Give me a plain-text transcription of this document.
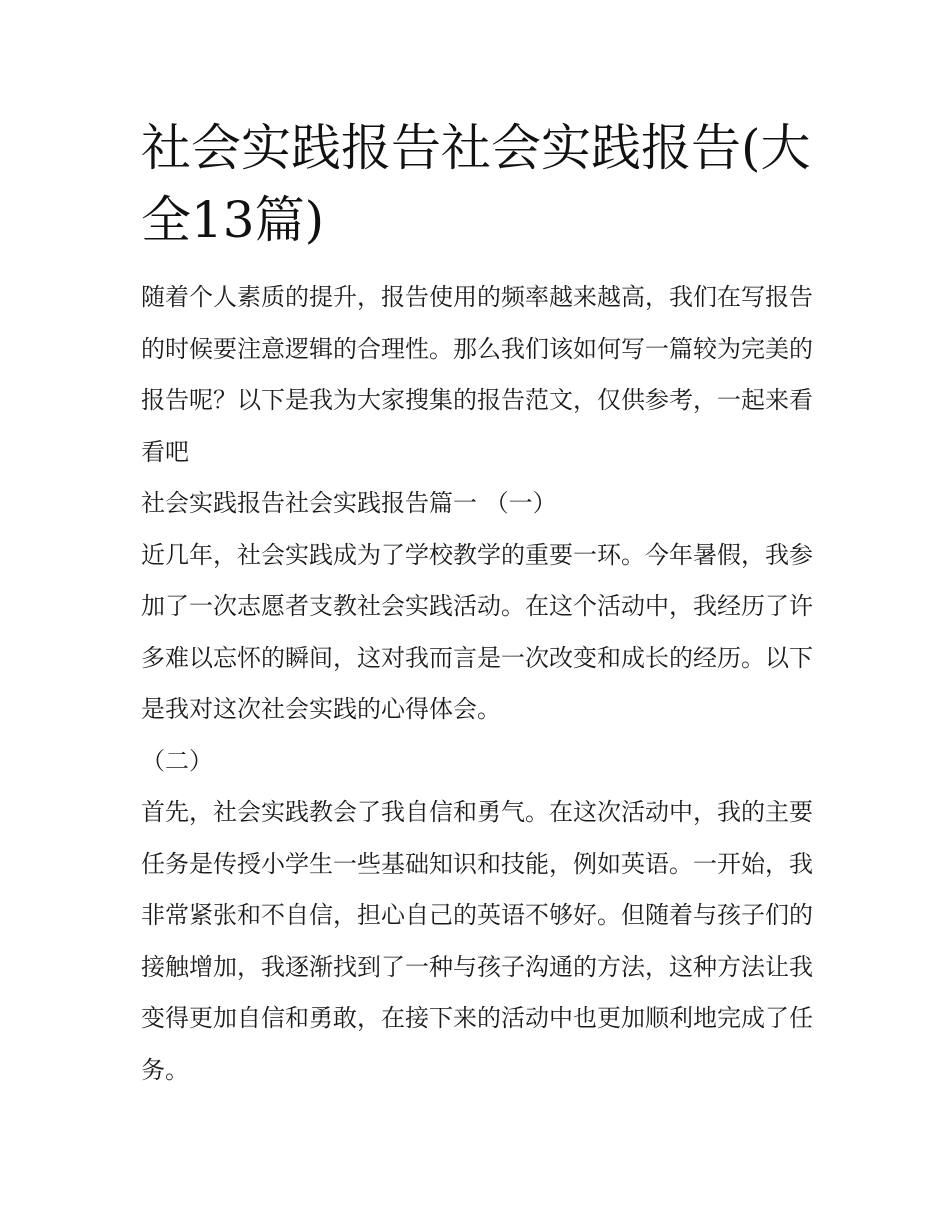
社会实践报告社会实践报告(大全13篇)

随着个人素质的提升，报告使用的频率越来越高，我们在写报告的时候要注意逻辑的合理性。那么我们该如何写一篇较为完美的报告呢？以下是我为大家搜集的报告范文，仅供参考，一起来看看吧

社会实践报告社会实践报告篇一 （一）

近几年，社会实践成为了学校教学的重要一环。今年暑假，我参加了一次志愿者支教社会实践活动。在这个活动中，我经历了许多难以忘怀的瞬间，这对我而言是一次改变和成长的经历。以下是我对这次社会实践的心得体会。

（二）

首先，社会实践教会了我自信和勇气。在这次活动中，我的主要任务是传授小学生一些基础知识和技能，例如英语。一开始，我非常紧张和不自信，担心自己的英语不够好。但随着与孩子们的接触增加，我逐渐找到了一种与孩子沟通的方法，这种方法让我变得更加自信和勇敢，在接下来的活动中也更加顺利地完成了任务。
